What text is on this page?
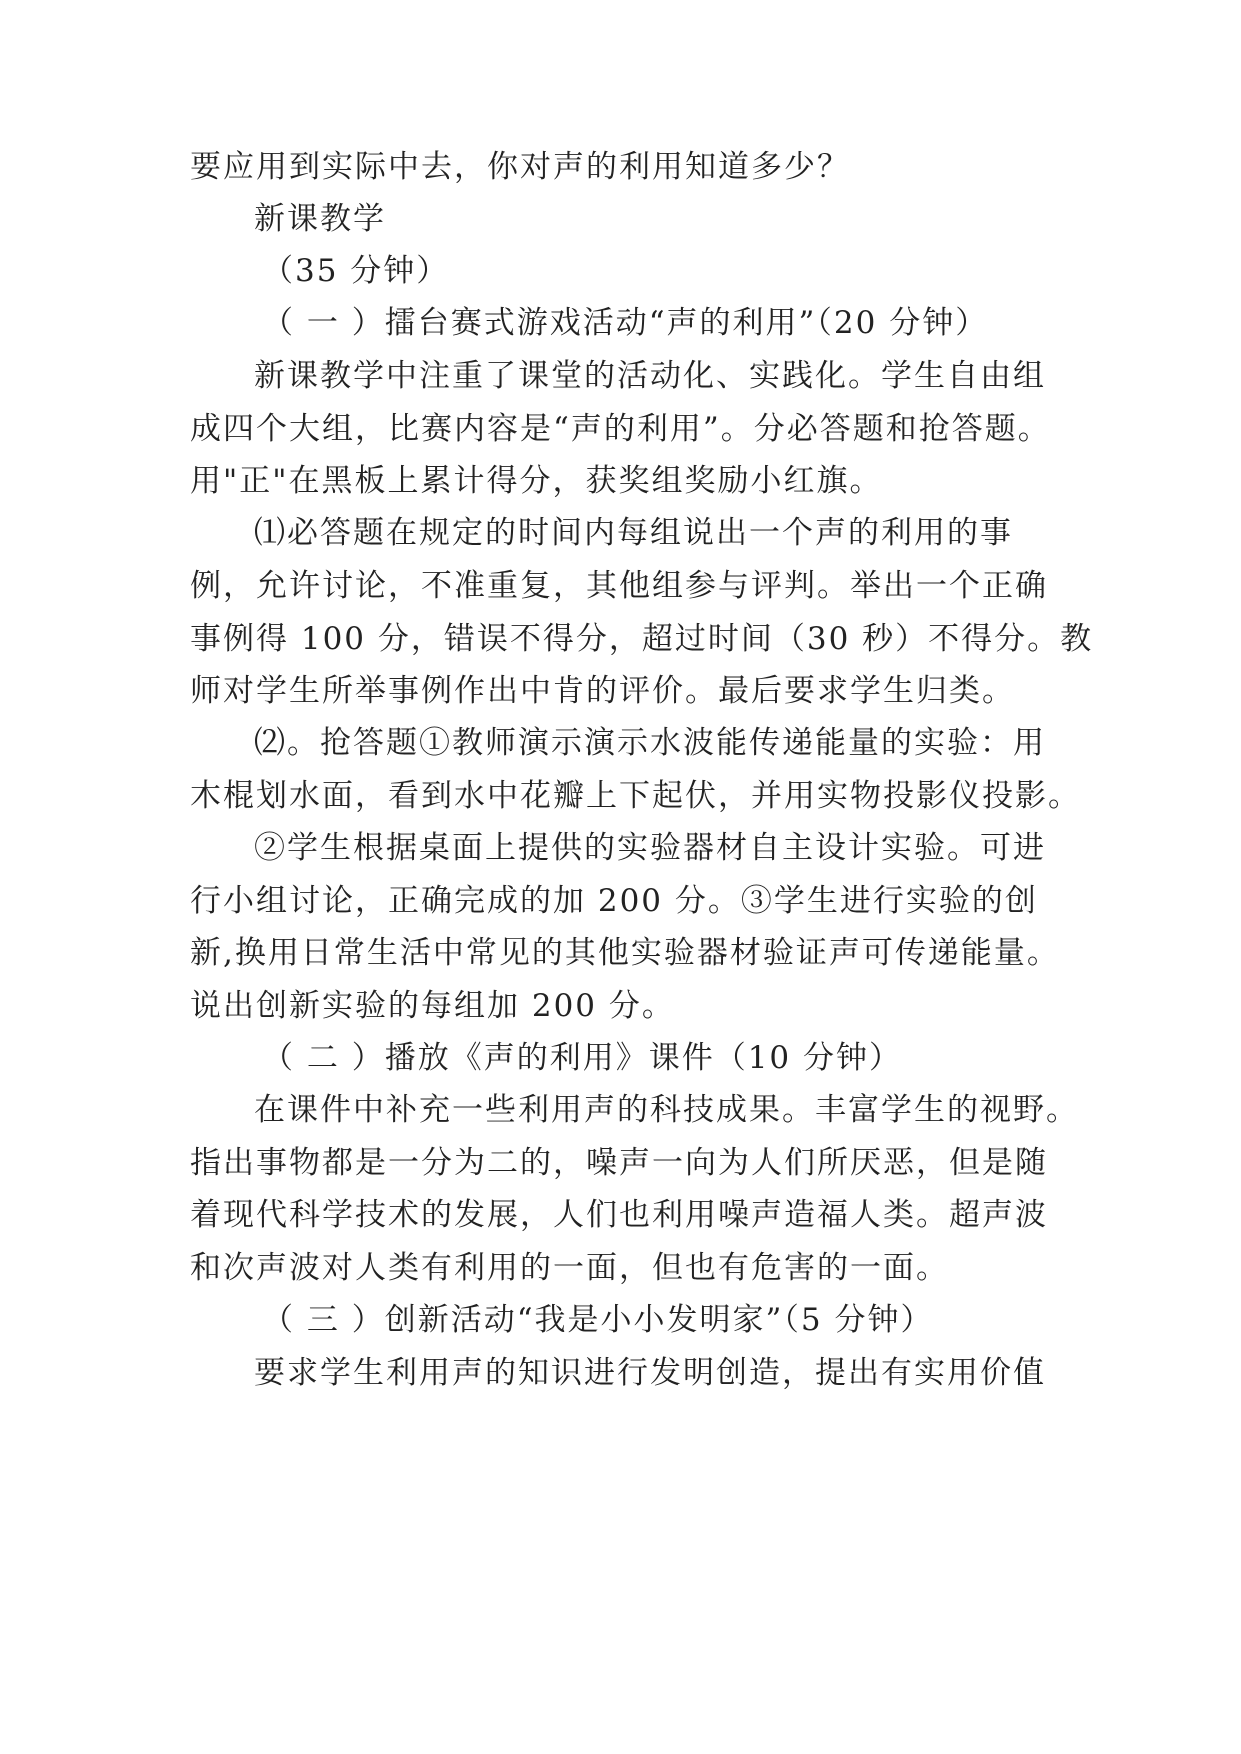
要应用到实际中去，你对声的利用知道多少？
新课教学
（35 分钟）
（ 一 ）擂台赛式游戏活动“声的利用”（20 分钟）
新课教学中注重了课堂的活动化、实践化。学生自由组
成四个大组，比赛内容是“声的利用”。分必答题和抢答题。
用"正"在黑板上累计得分，获奖组奖励小红旗。
⑴必答题在规定的时间内每组说出一个声的利用的事
例，允许讨论，不准重复，其他组参与评判。举出一个正确
事例得 100 分，错误不得分，超过时间（30 秒）不得分。教
师对学生所举事例作出中肯的评价。最后要求学生归类。
⑵。抢答题①教师演示演示水波能传递能量的实验：用
木棍划水面，看到水中花瓣上下起伏，并用实物投影仪投影。
②学生根据桌面上提供的实验器材自主设计实验。可进
行小组讨论，正确完成的加 200 分。③学生进行实验的创
新,换用日常生活中常见的其他实验器材验证声可传递能量。
说出创新实验的每组加 200 分。
（ 二 ）播放《声的利用》课件（10 分钟）
在课件中补充一些利用声的科技成果。丰富学生的视野。
指出事物都是一分为二的，噪声一向为人们所厌恶，但是随
着现代科学技术的发展，人们也利用噪声造福人类。超声波
和次声波对人类有利用的一面，但也有危害的一面。
（ 三 ）创新活动“我是小小发明家”（5 分钟）
要求学生利用声的知识进行发明创造，提出有实用价值
